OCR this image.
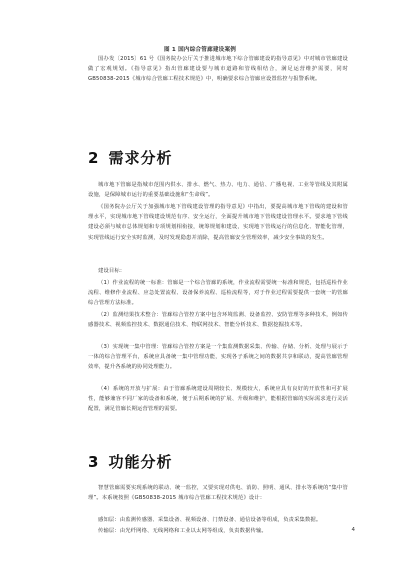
图 1 国内综合管廊建设案例
国办发〔2015〕61 号《国务院办公厅关于推进城市地下综合管廊建设的指导意见》中对城市管廊建设做了宏观规划。《指导意见》指出管廊建设要与城市道路和管线相结合，满足运营维护需要，同时 GB50838-2015《城市综合管廊工程技术规范》中，明确要求综合管廊应设置监控与报警系统。
2 需求分析
城市地下管廊是指城市范围内供水、排水、燃气、热力、电力、通信、广播电视、工业等管线及其附属设施，是保障城市运行的重要基础设施和“生命线”。
《国务院办公厅关于加强城市地下管线建设管理的指导意见》中指出，要提高城市地下管线的建设和管理水平，实现城市地下管线建设规范有序、安全运行，全面提升城市地下管线建设管理水平。要求地下管线建设必须与城市总体规划和专项规划相衔接，统筹规划和建设，实现地下管线运行的信息化、智能化管理，实现管线运行安全实时监测，及时发现隐患并消除，提高管廊安全管理效率，减少安全事故的发生。
建设目标：
（1）作业流程的统一标准：管廊是一个综合管廊的系统，作业流程需要统一标准和规范，包括巡检作业流程、维修作业流程、应急处置流程、设备保养流程、巡检流程等，对于作业过程需要提供一套统一的管廊综合管理方法标准。
（2）监测结果技术整合：管廊综合管控方案中包含环境监测、设备监控、安防管理等多种技术，例如传感器技术、视频监控技术、数据通信技术、物联网技术、智能分析技术、数据挖掘技术等。
（3）实现统一集中管理：管廊综合管控方案是一个集监测数据采集、传输、存储、分析、处理与展示于一体的综合管理平台，系统应具备统一集中管理功能，实现各子系统之间的数据共享和联动，提高管廊管理效率，提升各系统的协同处理能力。
（4）系统的开放与扩展：由于管廊系统建设周期较长、规模较大，系统应具有良好的开放性和可扩展性，能够兼容不同厂家的设备和系统，便于后期系统的扩展、升级和维护，能根据管廊的实际需求进行灵活配置，满足管廊长期运营管理的需要。
3 功能分析
智慧管廊需要实现系统的联动、统一监控，又要实现对供电、消防、照明、通风、排水等系统的“集中管理”。本系统按照《GB50838-2015 城市综合管廊工程技术规范》设计：
感知层：由监测传感器、采集设备、视频设备、门禁设备、通信设备等组成，负责采集数据。
传输层：由光纤网络、无线网络和工业以太网等组成，负责数据传输。	4
